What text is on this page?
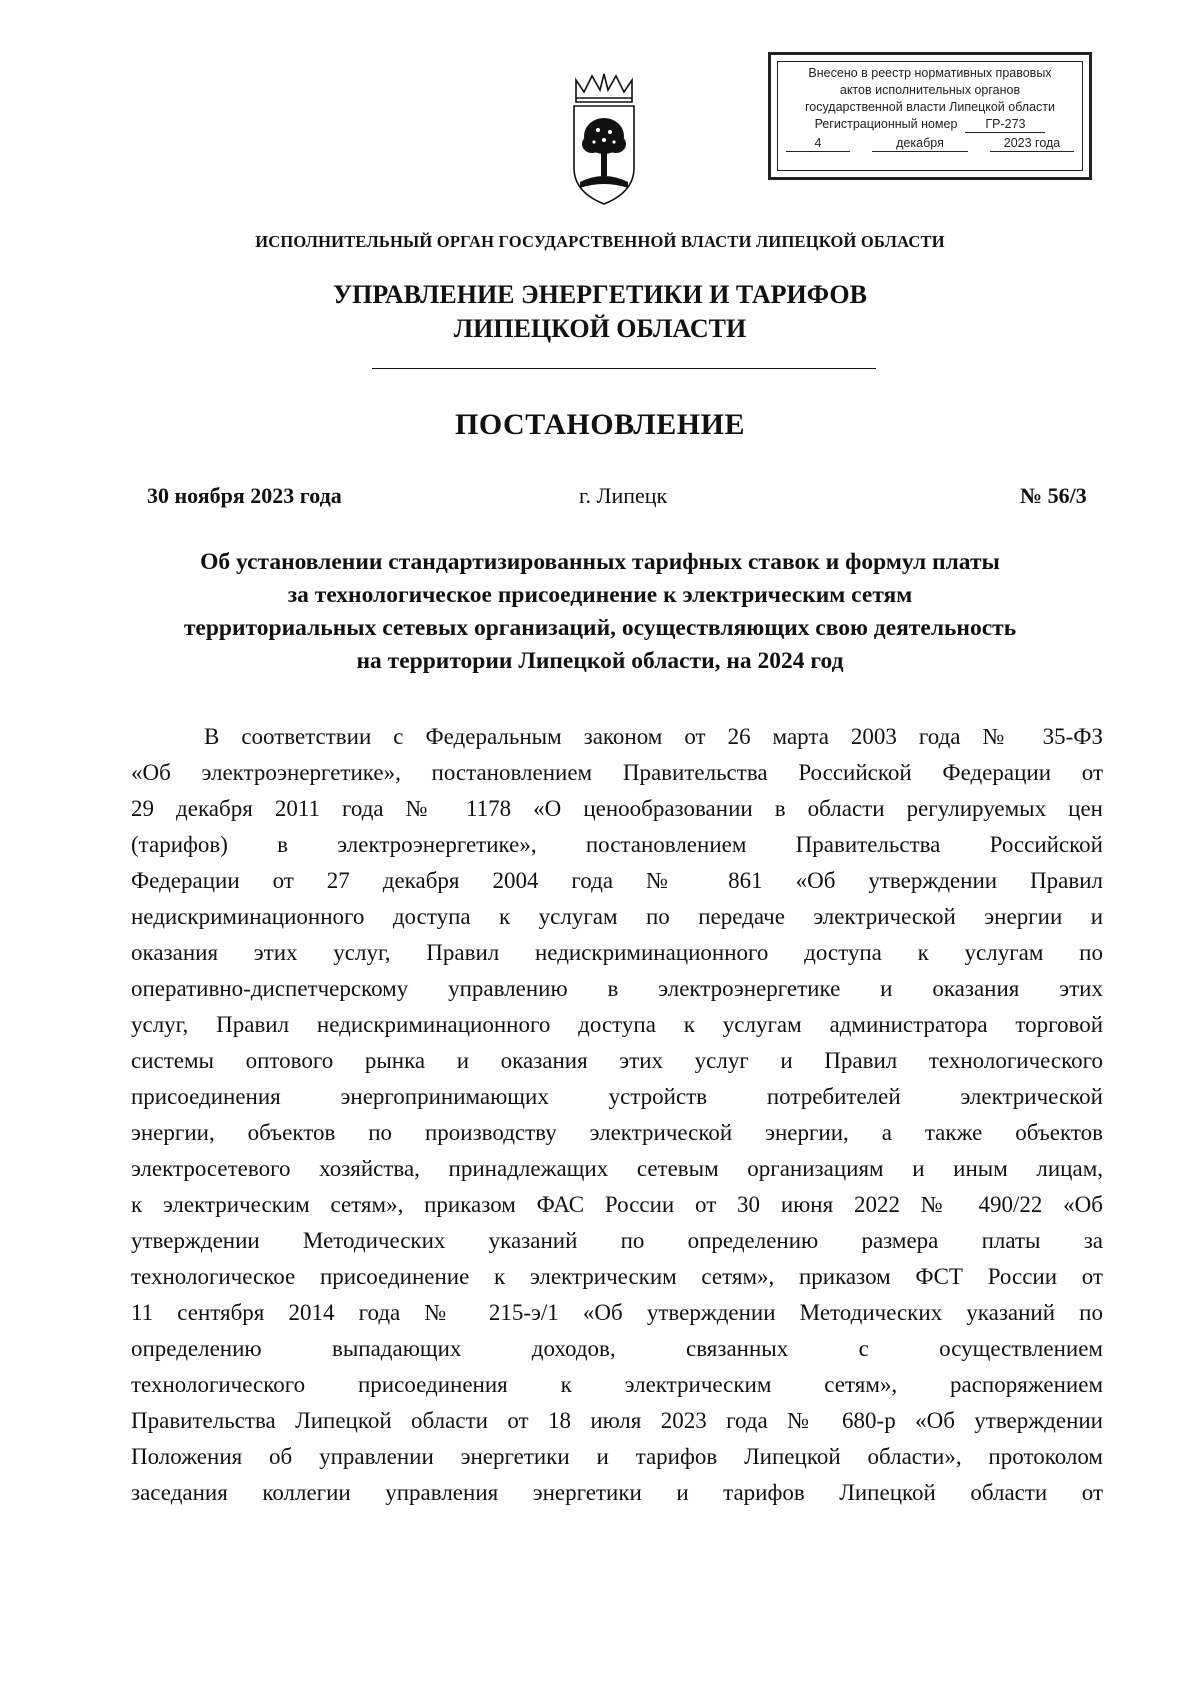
Внесено в реестр нормативных правовых
актов исполнительных органов
государственной власти Липецкой области
Регистрационный номер	ГР-273
4	декабря	2023 года
ИСПОЛНИТЕЛЬНЫЙ ОРГАН ГОСУДАРСТВЕННОЙ ВЛАСТИ ЛИПЕЦКОЙ ОБЛАСТИ
УПРАВЛЕНИЕ ЭНЕРГЕТИКИ И ТАРИФОВ
ЛИПЕЦКОЙ ОБЛАСТИ
ПОСТАНОВЛЕНИЕ
30 ноября 2023 года	г. Липецк	№ 56/3
Об установлении стандартизированных тарифных ставок и формул платы
за технологическое присоединение к электрическим сетям
территориальных сетевых организаций, осуществляющих свою деятельность
на территории Липецкой области, на 2024 год
В соответствии с Федеральным законом от 26 марта 2003 года № 35-ФЗ
«Об электроэнергетике», постановлением Правительства Российской Федерации от
29 декабря 2011 года № 1178 «О ценообразовании в области регулируемых цен
(тарифов) в электроэнергетике», постановлением Правительства Российской
Федерации от 27 декабря 2004 года № 861 «Об утверждении Правил
недискриминационного доступа к услугам по передаче электрической энергии и
оказания этих услуг, Правил недискриминационного доступа к услугам по
оперативно-диспетчерскому управлению в электроэнергетике и оказания этих
услуг, Правил недискриминационного доступа к услугам администратора торговой
системы оптового рынка и оказания этих услуг и Правил технологического
присоединения энергопринимающих устройств потребителей электрической
энергии, объектов по производству электрической энергии, а также объектов
электросетевого хозяйства, принадлежащих сетевым организациям и иным лицам,
к электрическим сетям», приказом ФАС России от 30 июня 2022 № 490/22 «Об
утверждении Методических указаний по определению размера платы за
технологическое присоединение к электрическим сетям», приказом ФСТ России от
11 сентября 2014 года № 215-э/1 «Об утверждении Методических указаний по
определению выпадающих доходов, связанных с осуществлением
технологического присоединения к электрическим сетям», распоряжением
Правительства Липецкой области от 18 июля 2023 года № 680-р «Об утверждении
Положения об управлении энергетики и тарифов Липецкой области», протоколом
заседания коллегии управления энергетики и тарифов Липецкой области от
